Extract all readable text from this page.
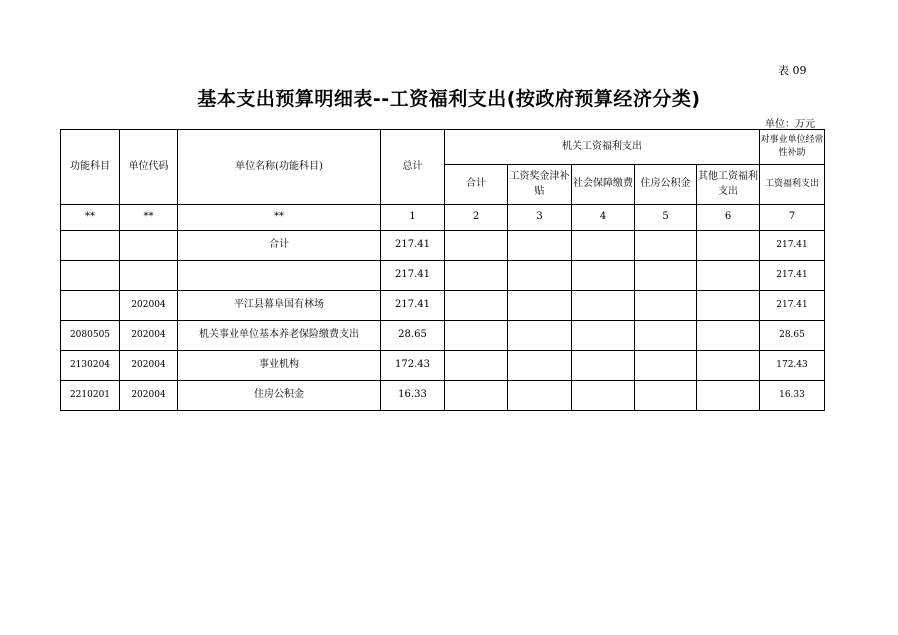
表 09
基本支出预算明细表--工资福利支出(按政府预算经济分类)
单位：万元
功能科目	单位代码	单位名称(功能科目)	总计	机关工资福利支出					对事业单位经常性补助
				合计	工资奖金津补贴	社会保障缴费	住房公积金	其他工资福利支出	工资福利支出
**	**	**	1	2	3	4	5	6	7
		合计	217.41						217.41
			217.41						217.41
	202004	平江县幕阜国有林场	217.41						217.41
2080505	202004	机关事业单位基本养老保险缴费支出	28.65						28.65
2130204	202004	事业机构	172.43						172.43
2210201	202004	住房公积金	16.33						16.33
